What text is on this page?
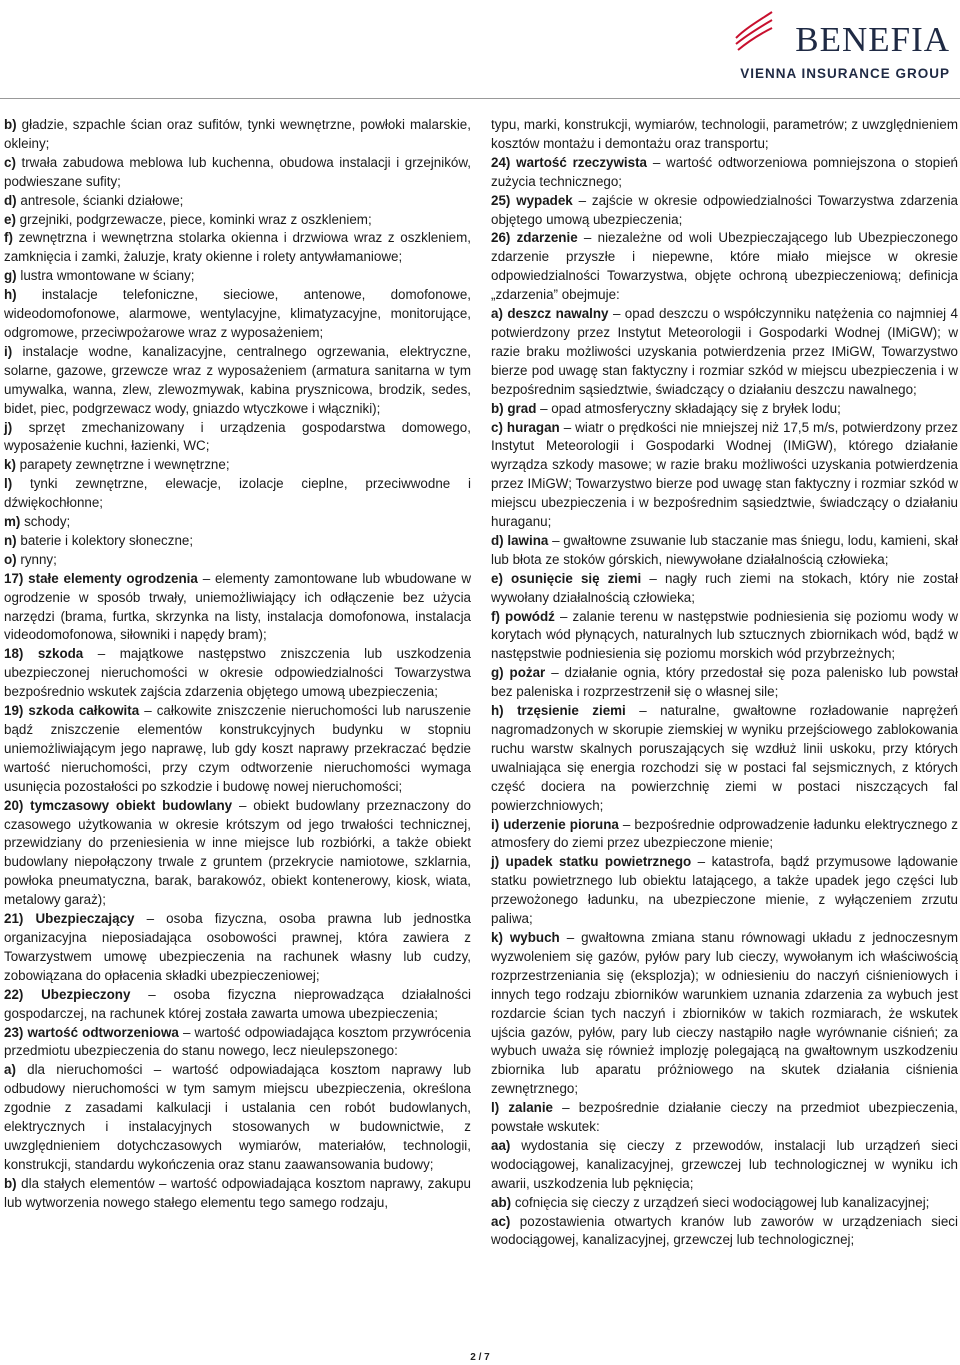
BENEFIA
VIENNA INSURANCE GROUP

b) gładzie, szpachle ścian oraz sufitów, tynki wewnętrzne, powłoki malarskie, okleiny;

c) trwała zabudowa meblowa lub kuchenna, obudowa instalacji i grzejników, podwieszane sufity;

d) antresole, ścianki działowe;

e) grzejniki, podgrzewacze, piece, kominki wraz z oszkleniem;

f) zewnętrzna i wewnętrzna stolarka okienna i drzwiowa wraz z oszkleniem, zamknięcia i zamki, żaluzje, kraty okienne i rolety antywłamaniowe;

g) lustra wmontowane w ściany;

h) instalacje telefoniczne, sieciowe, antenowe, domofonowe, wideodomofonowe, alarmowe, wentylacyjne, klimatyzacyjne, monitorujące, odgromowe, przeciwpożarowe wraz z wyposażeniem;

i) instalacje wodne, kanalizacyjne, centralnego ogrzewania, elektryczne, solarne, gazowe, grzewcze wraz z wyposażeniem (armatura sanitarna w tym umywalka, wanna, zlew, zlewozmywak, kabina prysznicowa, brodzik, sedes, bidet, piec, podgrzewacz wody, gniazdo wtyczkowe i włączniki);

j) sprzęt zmechanizowany i urządzenia gospodarstwa domowego, wyposażenie kuchni, łazienki, WC;

k) parapety zewnętrzne i wewnętrzne;

l) tynki zewnętrzne, elewacje, izolacje cieplne, przeciwwodne i dźwiękochłonne;

m) schody;

n) baterie i kolektory słoneczne;

o) rynny;

17) stałe elementy ogrodzenia – elementy zamontowane lub wbudowane w ogrodzenie w sposób trwały, uniemożliwiający ich odłączenie bez użycia narzędzi (brama, furtka, skrzynka na listy, instalacja domofonowa, instalacja videodomofonowa, siłowniki i napędy bram);

18) szkoda – majątkowe następstwo zniszczenia lub uszkodzenia ubezpieczonej nieruchomości w okresie odpowiedzialności Towarzystwa bezpośrednio wskutek zajścia zdarzenia objętego umową ubezpieczenia;

19) szkoda całkowita – całkowite zniszczenie nieruchomości lub naruszenie bądź zniszczenie elementów konstrukcyjnych budynku w stopniu uniemożliwiającym jego naprawę, lub gdy koszt naprawy przekraczać będzie wartość nieruchomości, przy czym odtworzenie nieruchomości wymaga usunięcia pozostałości po szkodzie i budowę nowej nieruchomości;

20) tymczasowy obiekt budowlany – obiekt budowlany przeznaczony do czasowego użytkowania w okresie krótszym od jego trwałości technicznej, przewidziany do przeniesienia w inne miejsce lub rozbiórki, a także obiekt budowlany niepołączony trwale z gruntem (przekrycie namiotowe, szklarnia, powłoka pneumatyczna, barak, barakowóz, obiekt kontenerowy, kiosk, wiata, metalowy garaż);

21) Ubezpieczający – osoba fizyczna, osoba prawna lub jednostka organizacyjna nieposiadająca osobowości prawnej, która zawiera z Towarzystwem umowę ubezpieczenia na rachunek własny lub cudzy, zobowiązana do opłacenia składki ubezpieczeniowej;

22) Ubezpieczony – osoba fizyczna nieprowadząca działalności gospodarczej, na rachunek której została zawarta umowa ubezpieczenia;

23) wartość odtworzeniowa – wartość odpowiadająca kosztom przywrócenia przedmiotu ubezpieczenia do stanu nowego, lecz nieulepszonego:

a) dla nieruchomości – wartość odpowiadająca kosztom naprawy lub odbudowy nieruchomości w tym samym miejscu ubezpieczenia, określona zgodnie z zasadami kalkulacji i ustalania cen robót budowlanych, elektrycznych i instalacyjnych stosowanych w budownictwie, z uwzględnieniem dotychczasowych wymiarów, materiałów, technologii, konstrukcji, standardu wykończenia oraz stanu zaawansowania budowy;

b) dla stałych elementów – wartość odpowiadająca kosztom naprawy, zakupu lub wytworzenia nowego stałego elementu tego samego rodzaju,

typu, marki, konstrukcji, wymiarów, technologii, parametrów; z uwzględnieniem kosztów montażu i demontażu oraz transportu;

24) wartość rzeczywista – wartość odtworzeniowa pomniejszona o stopień zużycia technicznego;

25) wypadek – zajście w okresie odpowiedzialności Towarzystwa zdarzenia objętego umową ubezpieczenia;

26) zdarzenie – niezależne od woli Ubezpieczającego lub Ubezpieczonego zdarzenie przyszłe i niepewne, które miało miejsce w okresie odpowiedzialności Towarzystwa, objęte ochroną ubezpieczeniową; definicja „zdarzenia” obejmuje:

a) deszcz nawalny – opad deszczu o współczynniku natężenia co najmniej 4 potwierdzony przez Instytut Meteorologii i Gospodarki Wodnej (IMiGW); w razie braku możliwości uzyskania potwierdzenia przez IMiGW, Towarzystwo bierze pod uwagę stan faktyczny i rozmiar szkód w miejscu ubezpieczenia i w bezpośrednim sąsiedztwie, świadczący o działaniu deszczu nawalnego;

b) grad – opad atmosferyczny składający się z bryłek lodu;

c) huragan – wiatr o prędkości nie mniejszej niż 17,5 m/s, potwierdzony przez Instytut Meteorologii i Gospodarki Wodnej (IMiGW), którego działanie wyrządza szkody masowe; w razie braku możliwości uzyskania potwierdzenia przez IMiGW; Towarzystwo bierze pod uwagę stan faktyczny i rozmiar szkód w miejscu ubezpieczenia i w bezpośrednim sąsiedztwie, świadczący o działaniu huraganu;

d) lawina – gwałtowne zsuwanie lub staczanie mas śniegu, lodu, kamieni, skał lub błota ze stoków górskich, niewywołane działalnością człowieka;

e) osunięcie się ziemi – nagły ruch ziemi na stokach, który nie został wywołany działalnością człowieka;

f) powódź – zalanie terenu w następstwie podniesienia się poziomu wody w korytach wód płynących, naturalnych lub sztucznych zbiornikach wód, bądź w następstwie podniesienia się poziomu morskich wód przybrzeżnych;

g) pożar – działanie ognia, który przedostał się poza palenisko lub powstał bez paleniska i rozprzestrzenił się o własnej sile;

h) trzęsienie ziemi – naturalne, gwałtowne rozładowanie naprężeń nagromadzonych w skorupie ziemskiej w wyniku przejściowego zablokowania ruchu warstw skalnych poruszających się wzdłuż linii uskoku, przy których uwalniająca się energia rozchodzi się w postaci fal sejsmicznych, z których część dociera na powierzchnię ziemi w postaci niszczących fal powierzchniowych;

i) uderzenie pioruna – bezpośrednie odprowadzenie ładunku elektrycznego z atmosfery do ziemi przez ubezpieczone mienie;

j) upadek statku powietrznego – katastrofa, bądź przymusowe lądowanie statku powietrznego lub obiektu latającego, a także upadek jego części lub przewożonego ładunku, na ubezpieczone mienie, z wyłączeniem zrzutu paliwa;

k) wybuch – gwałtowna zmiana stanu równowagi układu z jednoczesnym wyzwoleniem się gazów, pyłów pary lub cieczy, wywołanym ich właściwością rozprzestrzeniania się (eksplozja); w odniesieniu do naczyń ciśnieniowych i innych tego rodzaju zbiorników warunkiem uznania zdarzenia za wybuch jest rozdarcie ścian tych naczyń i zbiorników w takich rozmiarach, że wskutek ujścia gazów, pyłów, pary lub cieczy nastąpiło nagłe wyrównanie ciśnień; za wybuch uważa się również implozję polegającą na gwałtownym uszkodzeniu zbiornika lub aparatu próżniowego na skutek działania ciśnienia zewnętrznego;

l) zalanie – bezpośrednie działanie cieczy na przedmiot ubezpieczenia, powstałe wskutek:

aa) wydostania się cieczy z przewodów, instalacji lub urządzeń sieci wodociągowej, kanalizacyjnej, grzewczej lub technologicznej w wyniku ich awarii, uszkodzenia lub pęknięcia;

ab) cofnięcia się cieczy z urządzeń sieci wodociągowej lub kanalizacyjnej;

ac) pozostawienia otwartych kranów lub zaworów w urządzeniach sieci wodociągowej, kanalizacyjnej, grzewczej lub technologicznej;

2 / 7
